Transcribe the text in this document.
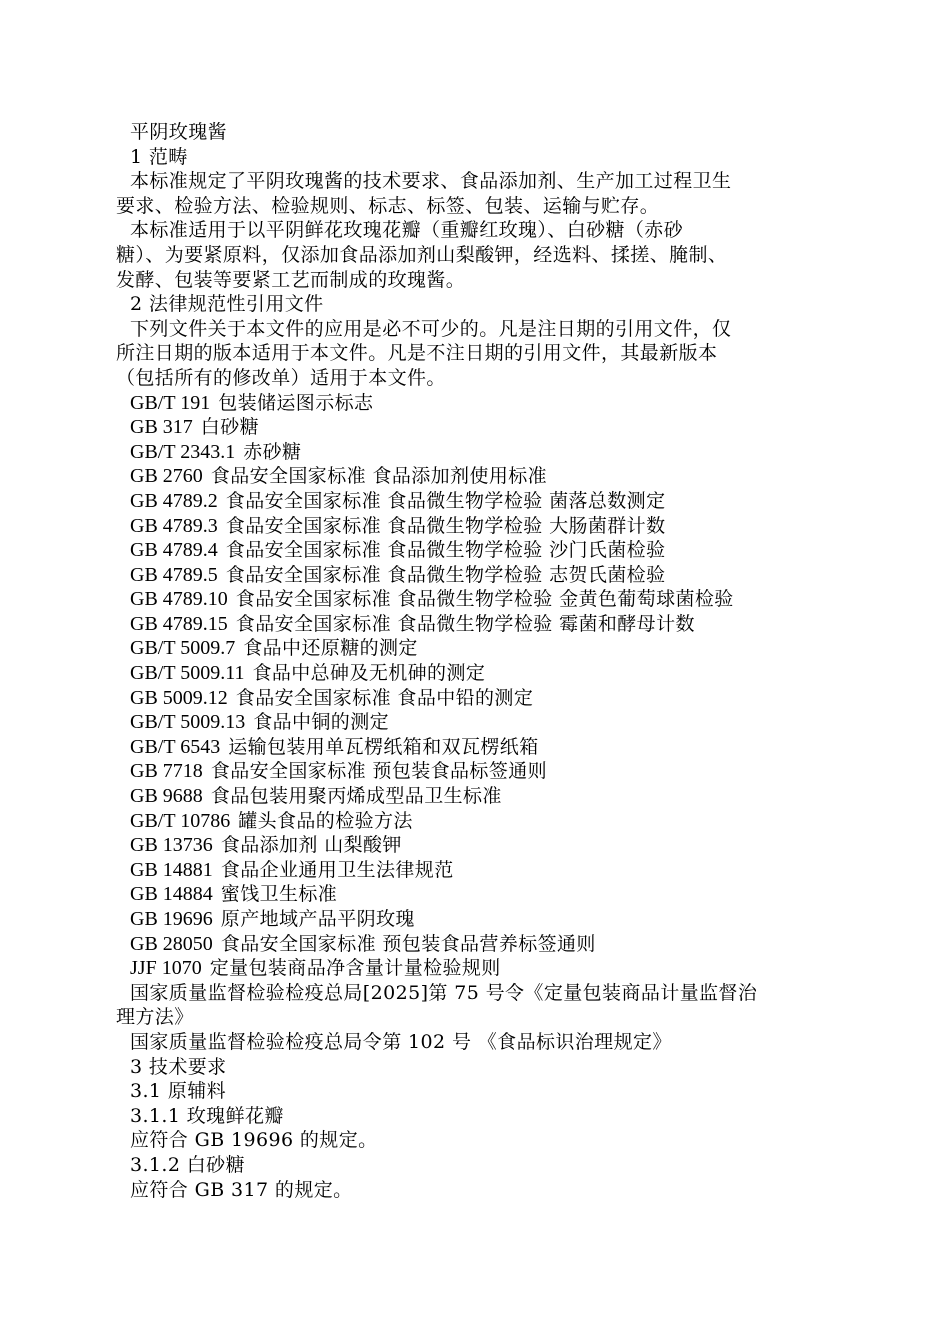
平阴玫瑰酱
1 范畴
本标准规定了平阴玫瑰酱的技术要求、食品添加剂、生产加工过程卫生
要求、检验方法、检验规则、标志、标签、包装、运输与贮存。
本标准适用于以平阴鲜花玫瑰花瓣（重瓣红玫瑰）、白砂糖（赤砂
糖）、为要紧原料，仅添加食品添加剂山梨酸钾，经选料、揉搓、腌制、
发酵、包装等要紧工艺而制成的玫瑰酱。
2 法律规范性引用文件
下列文件关于本文件的应用是必不可少的。凡是注日期的引用文件，仅
所注日期的版本适用于本文件。凡是不注日期的引用文件，其最新版本
（包括所有的修改单）适用于本文件。
GB/T 191 包装储运图示标志
GB 317 白砂糖
GB/T 2343.1 赤砂糖
GB 2760 食品安全国家标准 食品添加剂使用标准
GB 4789.2 食品安全国家标准 食品微生物学检验 菌落总数测定
GB 4789.3 食品安全国家标准 食品微生物学检验 大肠菌群计数
GB 4789.4 食品安全国家标准 食品微生物学检验 沙门氏菌检验
GB 4789.5 食品安全国家标准 食品微生物学检验 志贺氏菌检验
GB 4789.10 食品安全国家标准 食品微生物学检验 金黄色葡萄球菌检验
GB 4789.15 食品安全国家标准 食品微生物学检验 霉菌和酵母计数
GB/T 5009.7 食品中还原糖的测定
GB/T 5009.11 食品中总砷及无机砷的测定
GB 5009.12 食品安全国家标准 食品中铅的测定
GB/T 5009.13 食品中铜的测定
GB/T 6543 运输包装用单瓦楞纸箱和双瓦楞纸箱
GB 7718 食品安全国家标准 预包装食品标签通则
GB 9688 食品包装用聚丙烯成型品卫生标准
GB/T 10786 罐头食品的检验方法
GB 13736 食品添加剂 山梨酸钾
GB 14881 食品企业通用卫生法律规范
GB 14884 蜜饯卫生标准
GB 19696 原产地域产品平阴玫瑰
GB 28050 食品安全国家标准 预包装食品营养标签通则
JJF 1070 定量包装商品净含量计量检验规则
国家质量监督检验检疫总局[2025]第 75 号令《定量包装商品计量监督治
理方法》
国家质量监督检验检疫总局令第 102 号 《食品标识治理规定》
3 技术要求
3.1 原辅料
3.1.1 玫瑰鲜花瓣
应符合 GB 19696 的规定。
3.1.2 白砂糖
应符合 GB 317 的规定。
